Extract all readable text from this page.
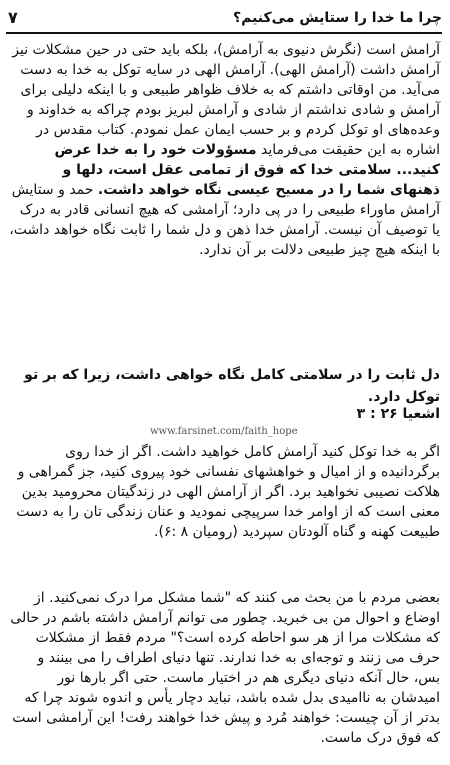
۷	چرا ما خدا را ستایش می‌کنیم؟
آرامش است (نگرش دنیوی به آرامش)، بلکه باید حتی در حین مشکلات نیز آرامش داشت (آرامش الهی). آرامش الهی در سایه توکل به خدا به دست می‌آید. من اوقاتی داشتم که به خلاف ظواهر طبیعی و با اینکه دلیلی برای آرامش و شادی نداشتم از شادی و آرامش لبریز بودم چراکه به خداوند و وعده‌های او توکل کردم و بر حسب ایمان عمل نمودم. کتاب مقدس در اشاره به این حقیقت می‌فرماید مسؤولات خود را به خدا عرض کنید... سلامتی خدا که فوق از تمامی عقل است، دلها و ذهنهای شما را در مسیح عیسی نگاه خواهد داشت. حمد و ستایش آرامش ماوراء طبیعی را در پی دارد؛ آرامشی که هیچ انسانی قادر به درک یا توصیف آن نیست. آرامش خدا ذهن و دل شما را ثابت نگاه خواهد داشت، با اینکه هیچ چیز طبیعی دلالت بر آن ندارد.
دل ثابت را در سلامتی کامل نگاه خواهی داشت، زیرا که بر تو توکل دارد.
اشعیا ۲۶ : ۳
www.farsinet.com/faith_hope
اگر به خدا توکل کنید آرامش کامل خواهید داشت. اگر از خدا روی برگردانیده و از امیال و خواهشهای نفسانی خود پیروی کنید، جز گمراهی و هلاکت نصیبی نخواهید برد. اگر از آرامش الهی در زندگیتان محرومید بدین معنی است که از اوامر خدا سرپیچی نمودید و عنان زندگی تان را به دست طبیعت کهنه و گناه آلودتان سپردید (رومیان ۸ :۶).
بعضی مردم با من بحث می کنند که "شما مشکل مرا درک نمی‌کنید. از اوضاع و احوال من بی خبرید. چطور می توانم آرامش داشته باشم در حالی که مشکلات مرا از هر سو احاطه کرده است؟" مردم فقط از مشکلات حرف می زنند و توجه‌ای به خدا ندارند. تنها دنیای اطراف را می بینند و بس، حال آنکه دنیای دیگری هم در اختیار ماست. حتی اگر بارها نور امیدشان به ناامیدی بدل شده باشد، نباید دچار یأس و اندوه شوند چرا که بدتر از آن چیست: خواهند مُرد و پیش خدا خواهند رفت! این آرامشی است که فوق درک ماست.
